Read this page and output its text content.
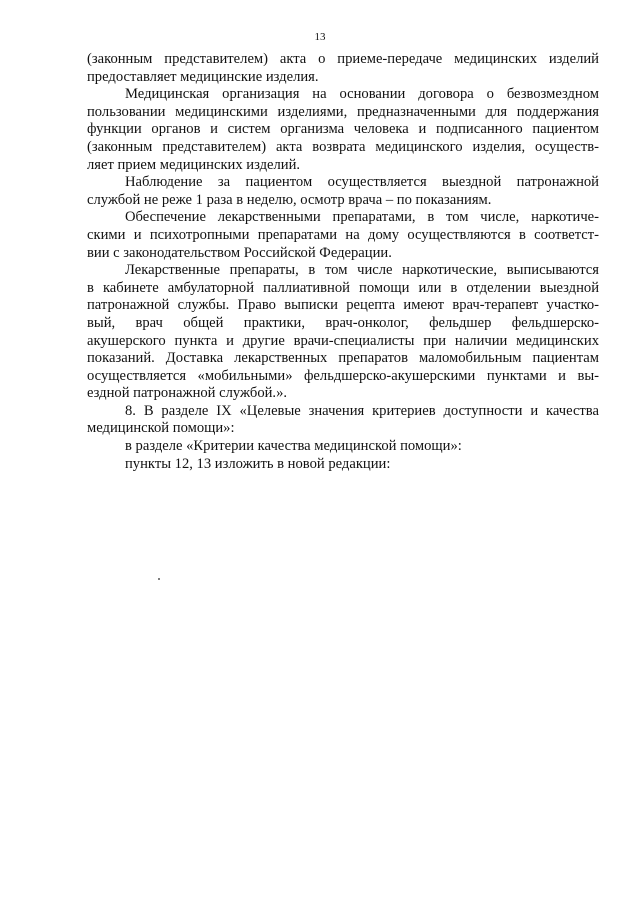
13
(законным представителем) акта о приеме-передаче медицинских изделий
предоставляет медицинские изделия.
Медицинская организация на основании договора о безвозмездном
пользовании медицинскими изделиями, предназначенными для поддержания
функции органов и систем организма человека и подписанного пациентом
(законным представителем) акта возврата медицинского изделия, осуществ-
ляет прием медицинских изделий.
Наблюдение за пациентом осуществляется выездной патронажной
службой не реже 1 раза в неделю, осмотр врача – по показаниям.
Обеспечение лекарственными препаратами, в том числе, наркотиче-
скими и психотропными препаратами на дому осуществляются в соответст-
вии с законодательством Российской Федерации.
Лекарственные препараты, в том числе наркотические, выписываются
в кабинете амбулаторной паллиативной помощи или в отделении выездной
патронажной службы. Право выписки рецепта имеют врач-терапевт участко-
вый, врач общей практики, врач-онколог, фельдшер фельдшерско-
акушерского пункта и другие врачи-специалисты при наличии медицинских
показаний. Доставка лекарственных препаратов маломобильным пациентам
осуществляется «мобильными» фельдшерско-акушерскими пунктами и вы-
ездной патронажной службой.».
8. В разделе IX «Целевые значения критериев доступности и качества
медицинской помощи»:
в разделе «Критерии качества медицинской помощи»:
пункты 12, 13 изложить в новой редакции:
